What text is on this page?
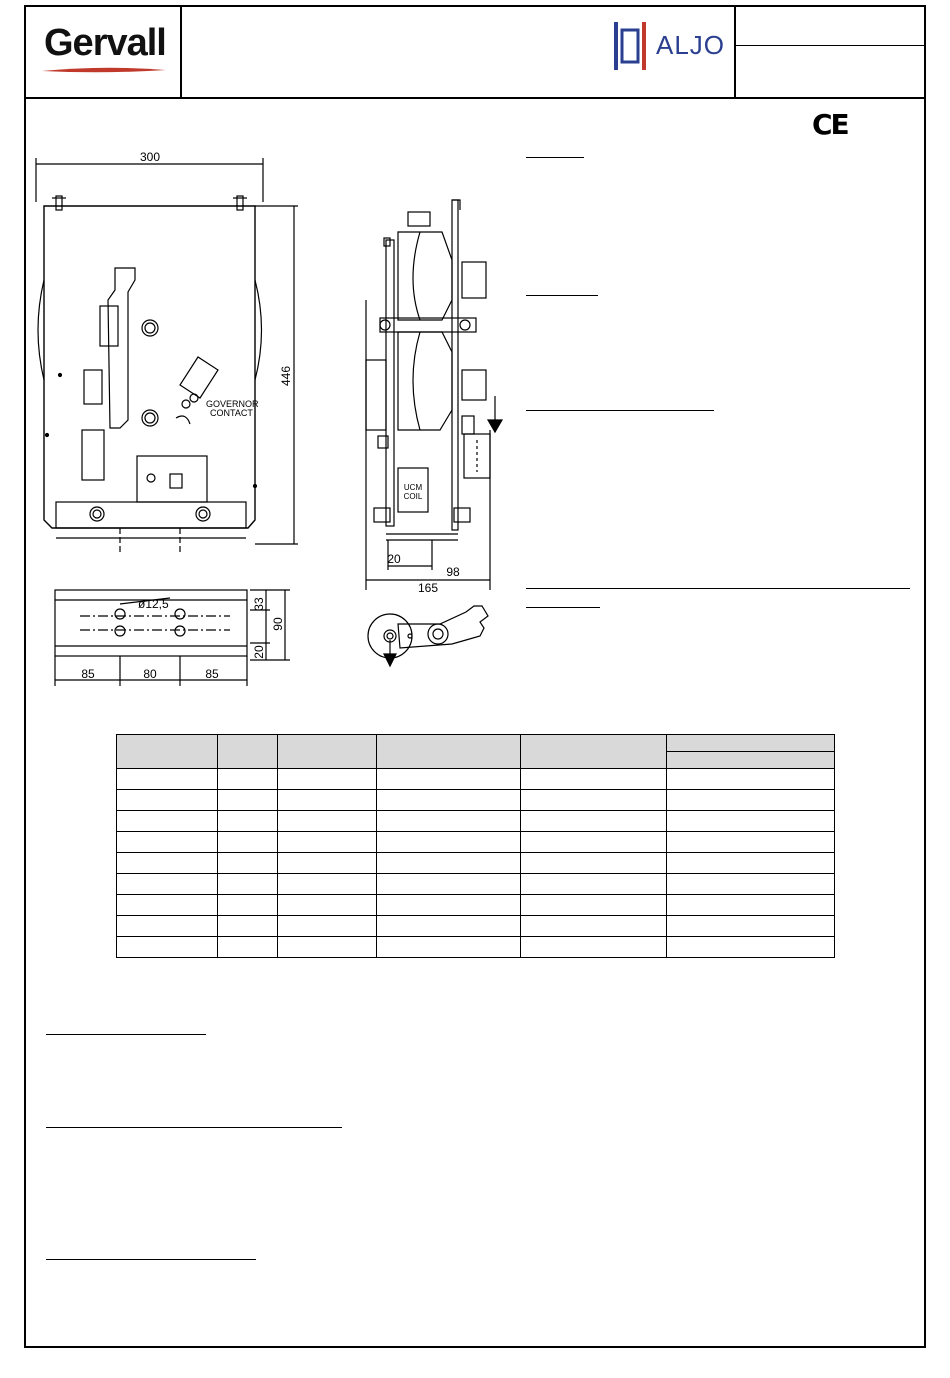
Gervall	ALJO
CE
300
446
GOVERNOR
CONTACT
ø12,5	33
90
20
85	80	85
UCM
COIL
20
98
165
